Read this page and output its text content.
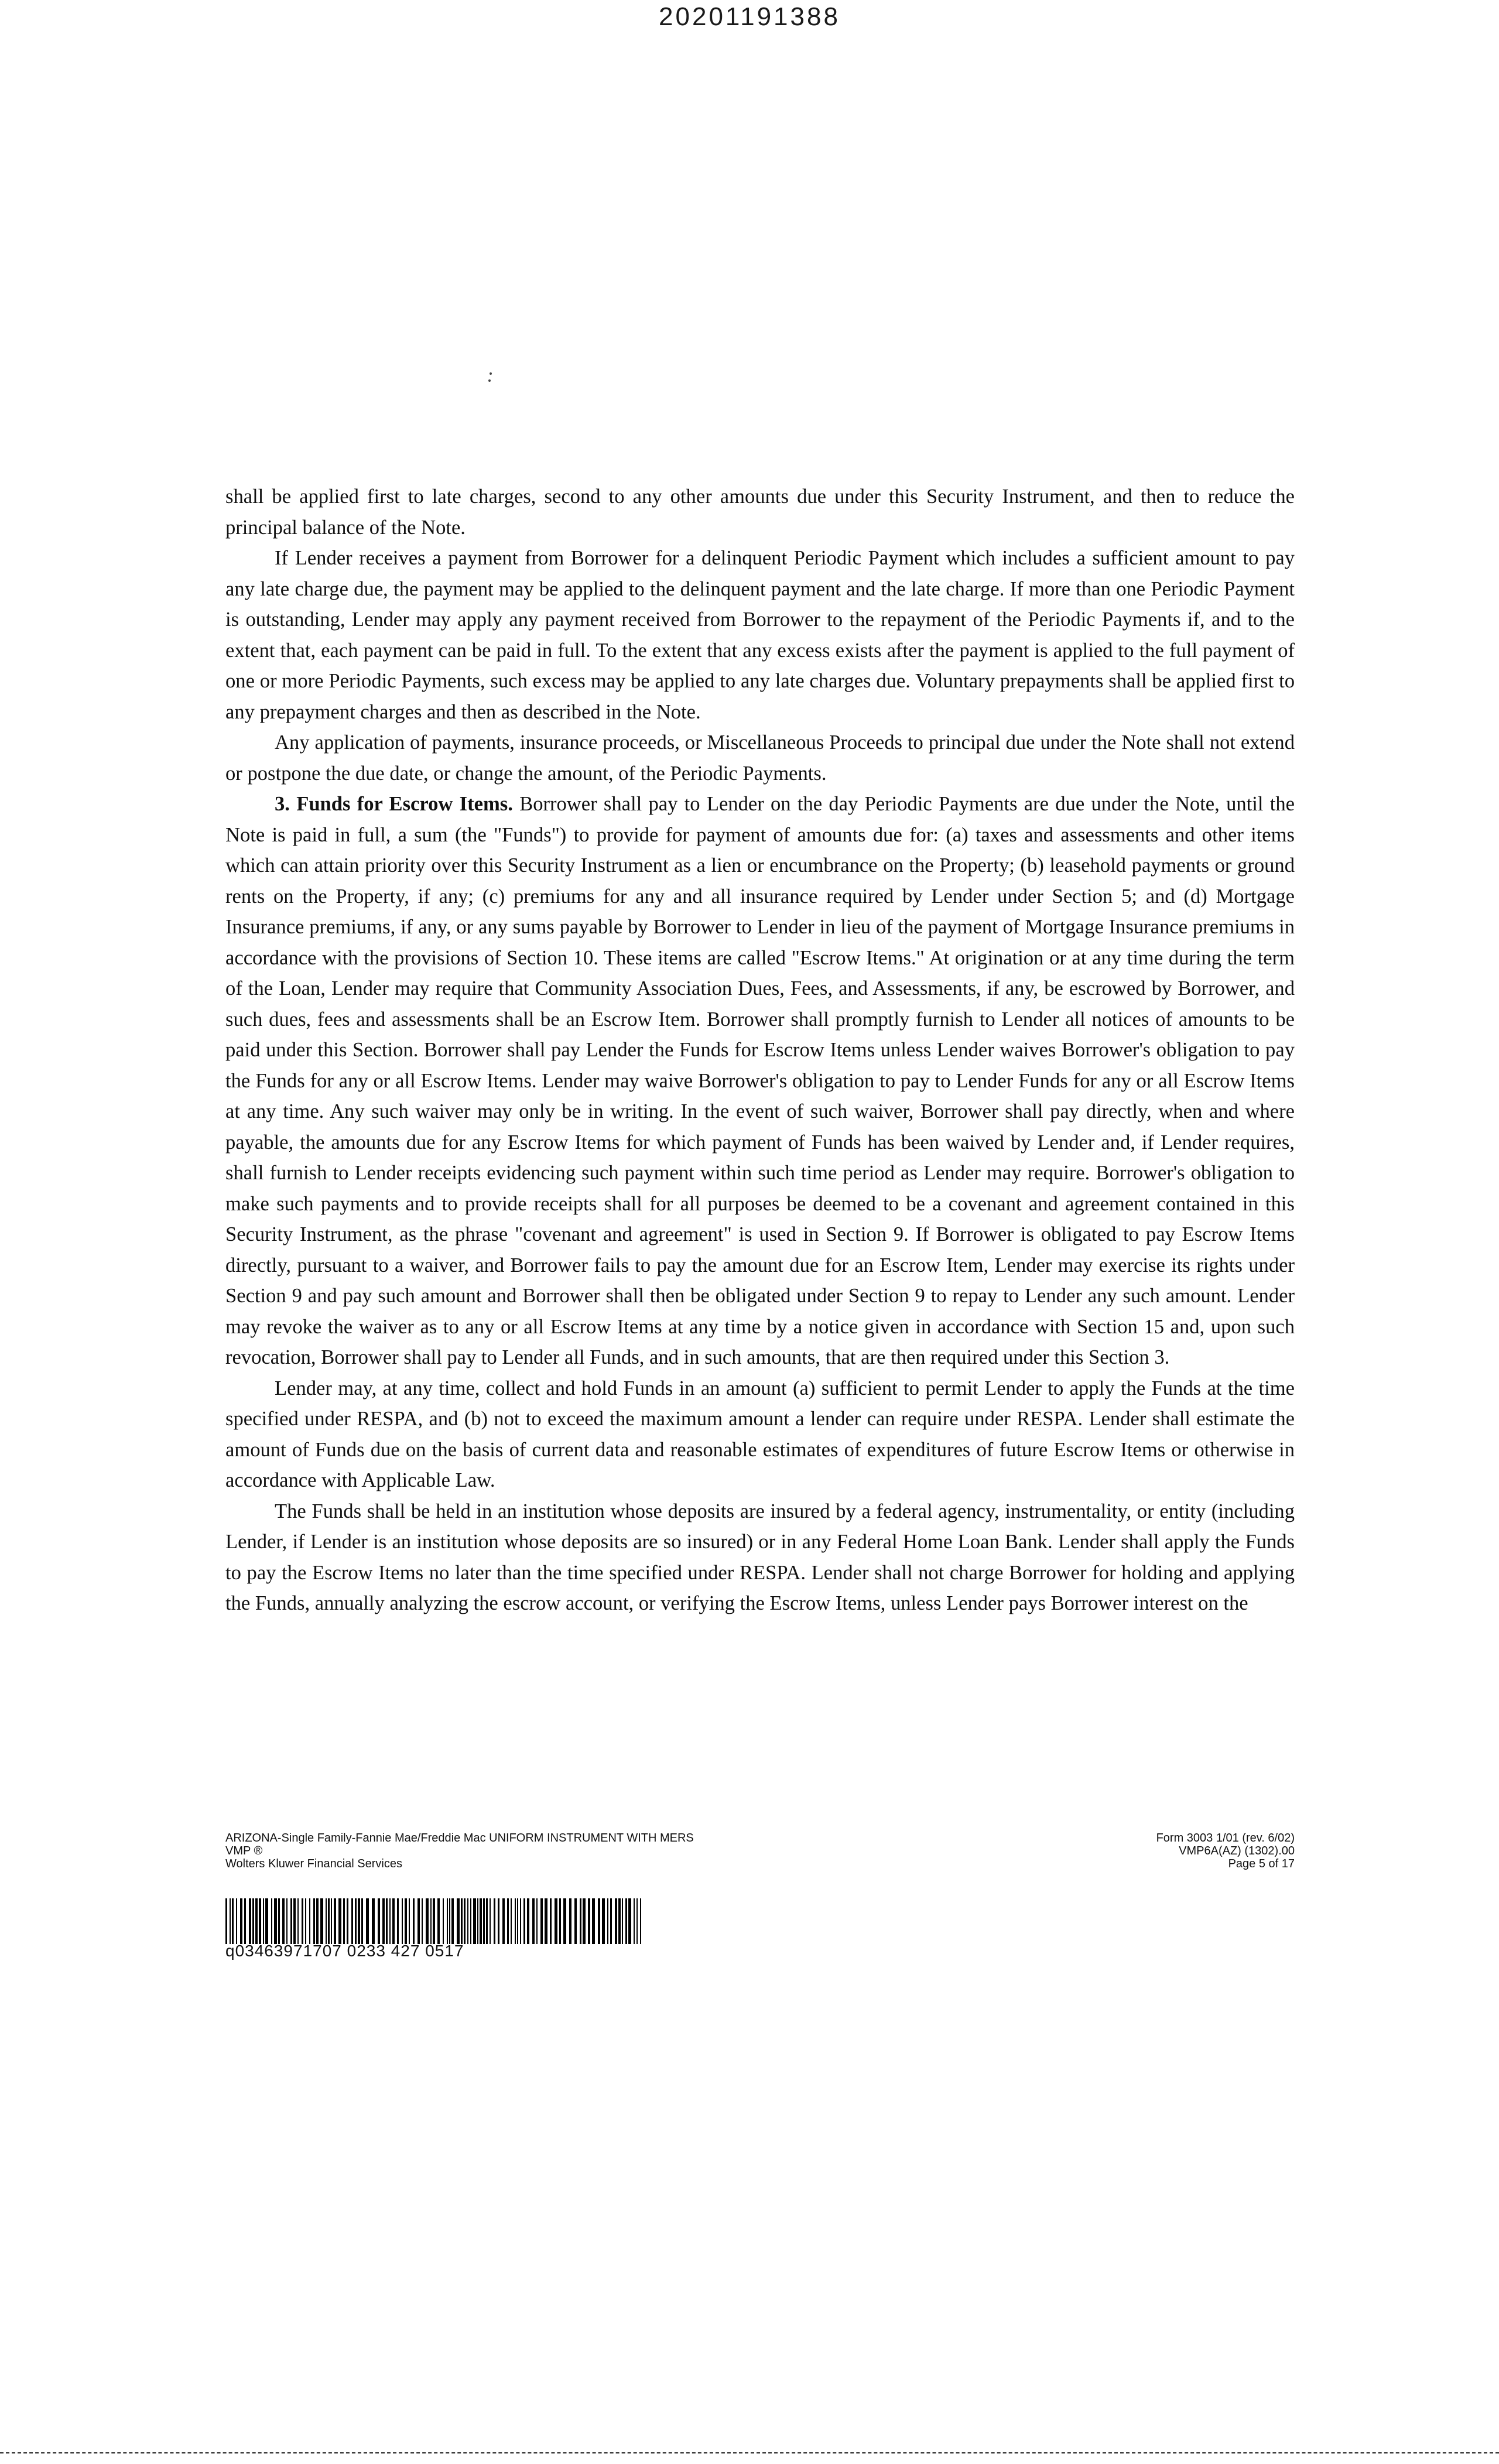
20201191388

shall be applied first to late charges, second to any other amounts due under this Security Instrument, and then to reduce the principal balance of the Note.

If Lender receives a payment from Borrower for a delinquent Periodic Payment which includes a sufficient amount to pay any late charge due, the payment may be applied to the delinquent payment and the late charge. If more than one Periodic Payment is outstanding, Lender may apply any payment received from Borrower to the repayment of the Periodic Payments if, and to the extent that, each payment can be paid in full. To the extent that any excess exists after the payment is applied to the full payment of one or more Periodic Payments, such excess may be applied to any late charges due. Voluntary prepayments shall be applied first to any prepayment charges and then as described in the Note.

Any application of payments, insurance proceeds, or Miscellaneous Proceeds to principal due under the Note shall not extend or postpone the due date, or change the amount, of the Periodic Payments.

3. Funds for Escrow Items. Borrower shall pay to Lender on the day Periodic Payments are due under the Note, until the Note is paid in full, a sum (the "Funds") to provide for payment of amounts due for: (a) taxes and assessments and other items which can attain priority over this Security Instrument as a lien or encumbrance on the Property; (b) leasehold payments or ground rents on the Property, if any; (c) premiums for any and all insurance required by Lender under Section 5; and (d) Mortgage Insurance premiums, if any, or any sums payable by Borrower to Lender in lieu of the payment of Mortgage Insurance premiums in accordance with the provisions of Section 10. These items are called "Escrow Items." At origination or at any time during the term of the Loan, Lender may require that Community Association Dues, Fees, and Assessments, if any, be escrowed by Borrower, and such dues, fees and assessments shall be an Escrow Item. Borrower shall promptly furnish to Lender all notices of amounts to be paid under this Section. Borrower shall pay Lender the Funds for Escrow Items unless Lender waives Borrower's obligation to pay the Funds for any or all Escrow Items. Lender may waive Borrower's obligation to pay to Lender Funds for any or all Escrow Items at any time. Any such waiver may only be in writing. In the event of such waiver, Borrower shall pay directly, when and where payable, the amounts due for any Escrow Items for which payment of Funds has been waived by Lender and, if Lender requires, shall furnish to Lender receipts evidencing such payment within such time period as Lender may require. Borrower's obligation to make such payments and to provide receipts shall for all purposes be deemed to be a covenant and agreement contained in this Security Instrument, as the phrase "covenant and agreement" is used in Section 9. If Borrower is obligated to pay Escrow Items directly, pursuant to a waiver, and Borrower fails to pay the amount due for an Escrow Item, Lender may exercise its rights under Section 9 and pay such amount and Borrower shall then be obligated under Section 9 to repay to Lender any such amount. Lender may revoke the waiver as to any or all Escrow Items at any time by a notice given in accordance with Section 15 and, upon such revocation, Borrower shall pay to Lender all Funds, and in such amounts, that are then required under this Section 3.

Lender may, at any time, collect and hold Funds in an amount (a) sufficient to permit Lender to apply the Funds at the time specified under RESPA, and (b) not to exceed the maximum amount a lender can require under RESPA. Lender shall estimate the amount of Funds due on the basis of current data and reasonable estimates of expenditures of future Escrow Items or otherwise in accordance with Applicable Law.

The Funds shall be held in an institution whose deposits are insured by a federal agency, instrumentality, or entity (including Lender, if Lender is an institution whose deposits are so insured) or in any Federal Home Loan Bank. Lender shall apply the Funds to pay the Escrow Items no later than the time specified under RESPA. Lender shall not charge Borrower for holding and applying the Funds, annually analyzing the escrow account, or verifying the Escrow Items, unless Lender pays Borrower interest on the

ARIZONA-Single Family-Fannie Mae/Freddie Mac UNIFORM INSTRUMENT WITH MERS
VMP ®
Wolters Kluwer Financial Services
Form 3003 1/01 (rev. 6/02)
VMP6A(AZ) (1302).00
Page 5 of 17
q03463971707 0233 427 0517
